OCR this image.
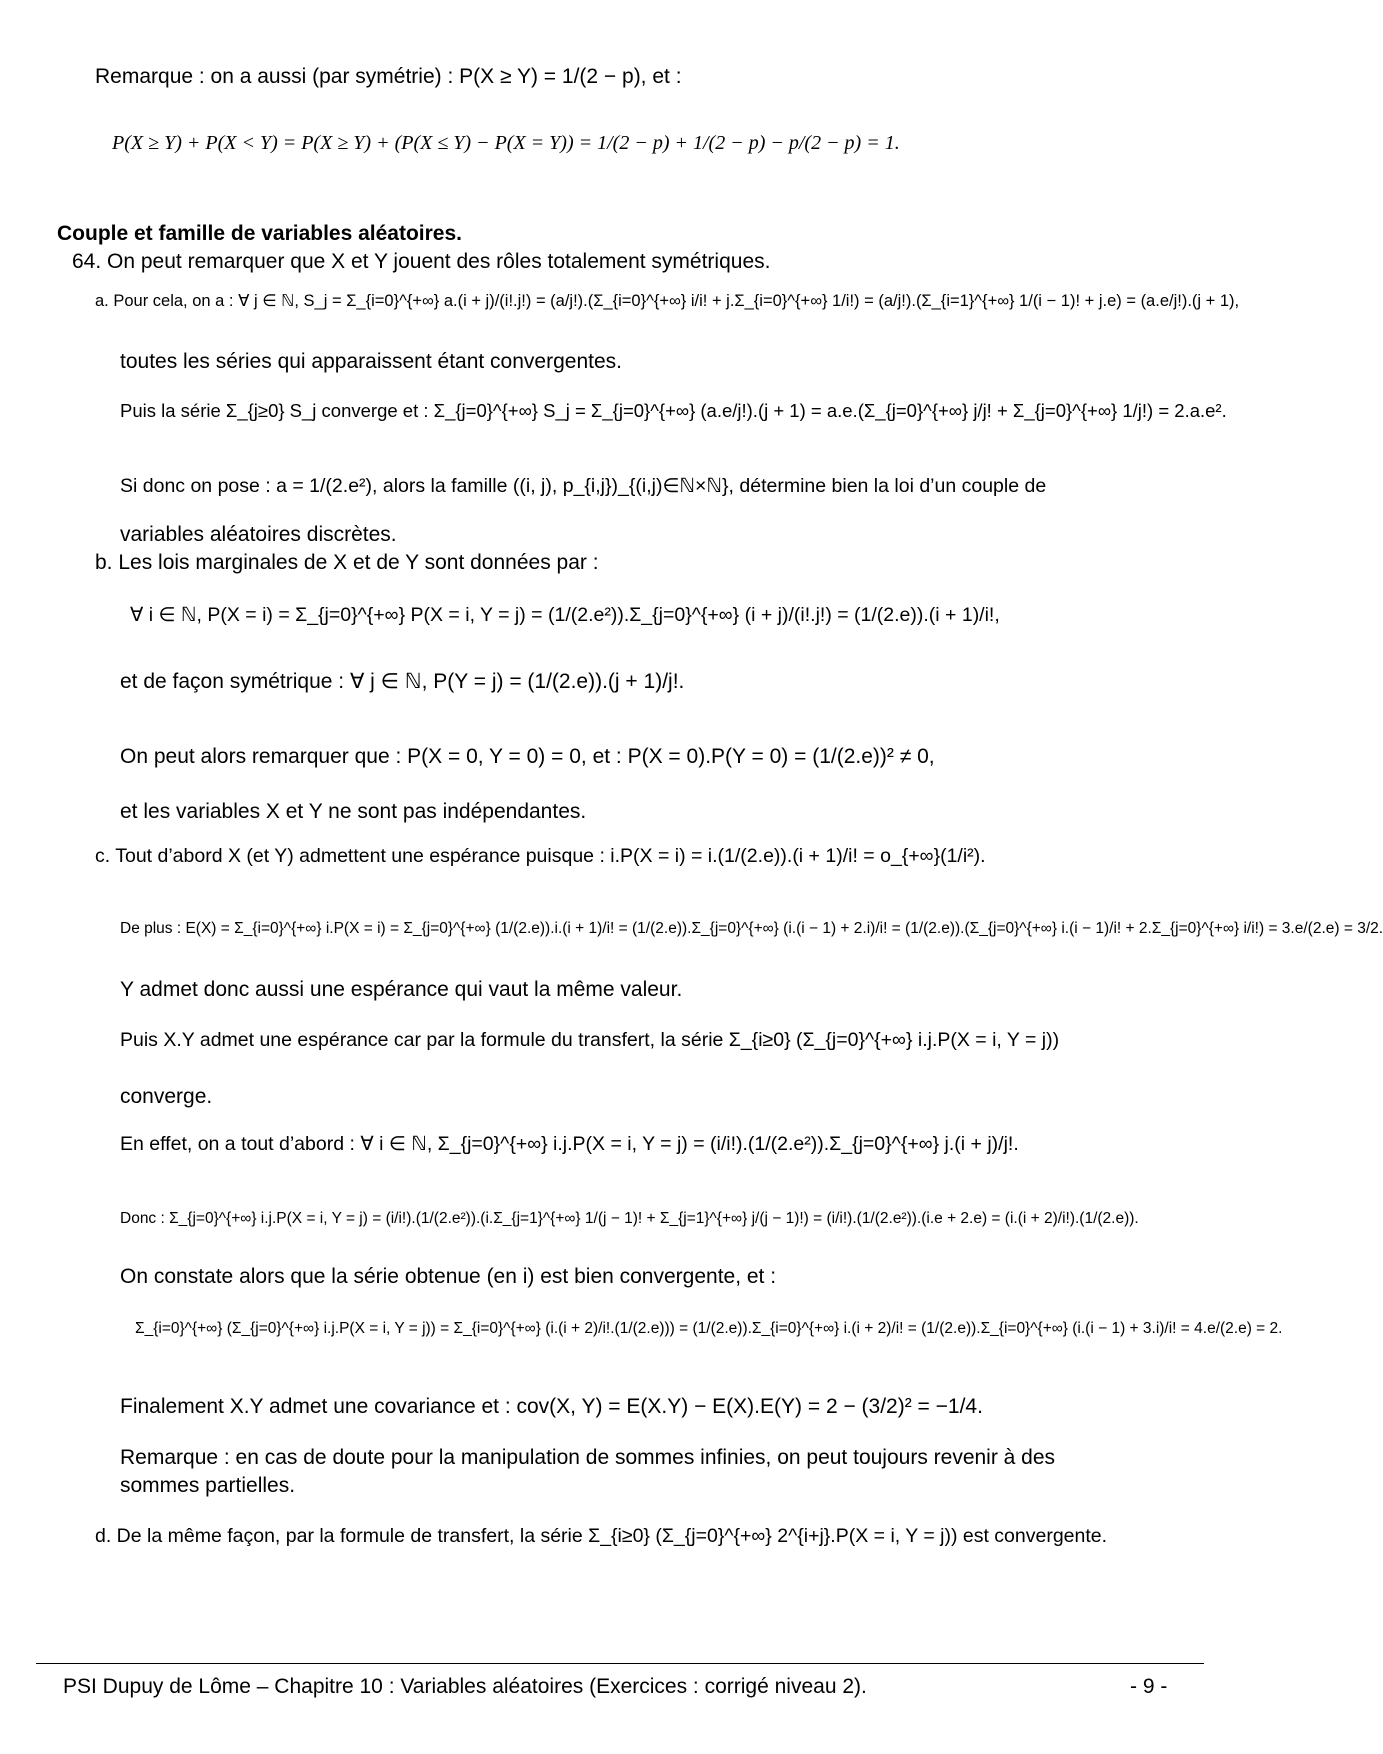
Remarque : on a aussi (par symétrie) : P(X ≥ Y) = 1/(2 − p), et :
P(X ≥ Y) + P(X < Y) = P(X ≥ Y) + (P(X ≤ Y) − P(X = Y)) = 1/(2 − p) + 1/(2 − p) − p/(2 − p) = 1.
Couple et famille de variables aléatoires.
64. On peut remarquer que X et Y jouent des rôles totalement symétriques.
a. Pour cela, on a : ∀ j ∈ ℕ, S_j = Σ_{i=0}^{+∞} a.(i + j)/(i!.j!) = (a/j!).(Σ_{i=0}^{+∞} i/i! + j.Σ_{i=0}^{+∞} 1/i!) = (a/j!).(Σ_{i=1}^{+∞} 1/(i − 1)! + j.e) = (a.e/j!).(j + 1),
toutes les séries qui apparaissent étant convergentes.
Puis la série Σ_{j≥0} S_j converge et : Σ_{j=0}^{+∞} S_j = Σ_{j=0}^{+∞} (a.e/j!).(j + 1) = a.e.(Σ_{j=0}^{+∞} j/j! + Σ_{j=0}^{+∞} 1/j!) = 2.a.e².
Si donc on pose : a = 1/(2.e²), alors la famille ((i, j), p_{i,j})_{(i,j)∈ℕ×ℕ}, détermine bien la loi d’un couple de
variables aléatoires discrètes.
b. Les lois marginales de X et de Y sont données par :
∀ i ∈ ℕ, P(X = i) = Σ_{j=0}^{+∞} P(X = i, Y = j) = (1/(2.e²)).Σ_{j=0}^{+∞} (i + j)/(i!.j!) = (1/(2.e)).(i + 1)/i!,
et de façon symétrique : ∀ j ∈ ℕ, P(Y = j) = (1/(2.e)).(j + 1)/j!.
On peut alors remarquer que : P(X = 0, Y = 0) = 0, et : P(X = 0).P(Y = 0) = (1/(2.e))² ≠ 0,
et les variables X et Y ne sont pas indépendantes.
c. Tout d’abord X (et Y) admettent une espérance puisque : i.P(X = i) = i.(1/(2.e)).(i + 1)/i! = o_{+∞}(1/i²).
De plus : E(X) = Σ_{i=0}^{+∞} i.P(X = i) = Σ_{j=0}^{+∞} (1/(2.e)).i.(i + 1)/i! = (1/(2.e)).Σ_{j=0}^{+∞} (i.(i − 1) + 2.i)/i! = (1/(2.e)).(Σ_{j=0}^{+∞} i.(i − 1)/i! + 2.Σ_{j=0}^{+∞} i/i!) = 3.e/(2.e) = 3/2.
Y admet donc aussi une espérance qui vaut la même valeur.
Puis X.Y admet une espérance car par la formule du transfert, la série Σ_{i≥0} (Σ_{j=0}^{+∞} i.j.P(X = i, Y = j))
converge.
En effet, on a tout d’abord : ∀ i ∈ ℕ, Σ_{j=0}^{+∞} i.j.P(X = i, Y = j) = (i/i!).(1/(2.e²)).Σ_{j=0}^{+∞} j.(i + j)/j!.
Donc : Σ_{j=0}^{+∞} i.j.P(X = i, Y = j) = (i/i!).(1/(2.e²)).(i.Σ_{j=1}^{+∞} 1/(j − 1)! + Σ_{j=1}^{+∞} j/(j − 1)!) = (i/i!).(1/(2.e²)).(i.e + 2.e) = (i.(i + 2)/i!).(1/(2.e)).
On constate alors que la série obtenue (en i) est bien convergente, et :
Σ_{i=0}^{+∞} (Σ_{j=0}^{+∞} i.j.P(X = i, Y = j)) = Σ_{i=0}^{+∞} (i.(i + 2)/i!.(1/(2.e))) = (1/(2.e)).Σ_{i=0}^{+∞} i.(i + 2)/i! = (1/(2.e)).Σ_{i=0}^{+∞} (i.(i − 1) + 3.i)/i! = 4.e/(2.e) = 2.
Finalement X.Y admet une covariance et : cov(X, Y) = E(X.Y) − E(X).E(Y) = 2 − (3/2)² = −1/4.
Remarque : en cas de doute pour la manipulation de sommes infinies, on peut toujours revenir à des
sommes partielles.
d. De la même façon, par la formule de transfert, la série Σ_{i≥0} (Σ_{j=0}^{+∞} 2^{i+j}.P(X = i, Y = j)) est convergente.
PSI Dupuy de Lôme – Chapitre 10 : Variables aléatoires (Exercices : corrigé niveau 2).	- 9 -
